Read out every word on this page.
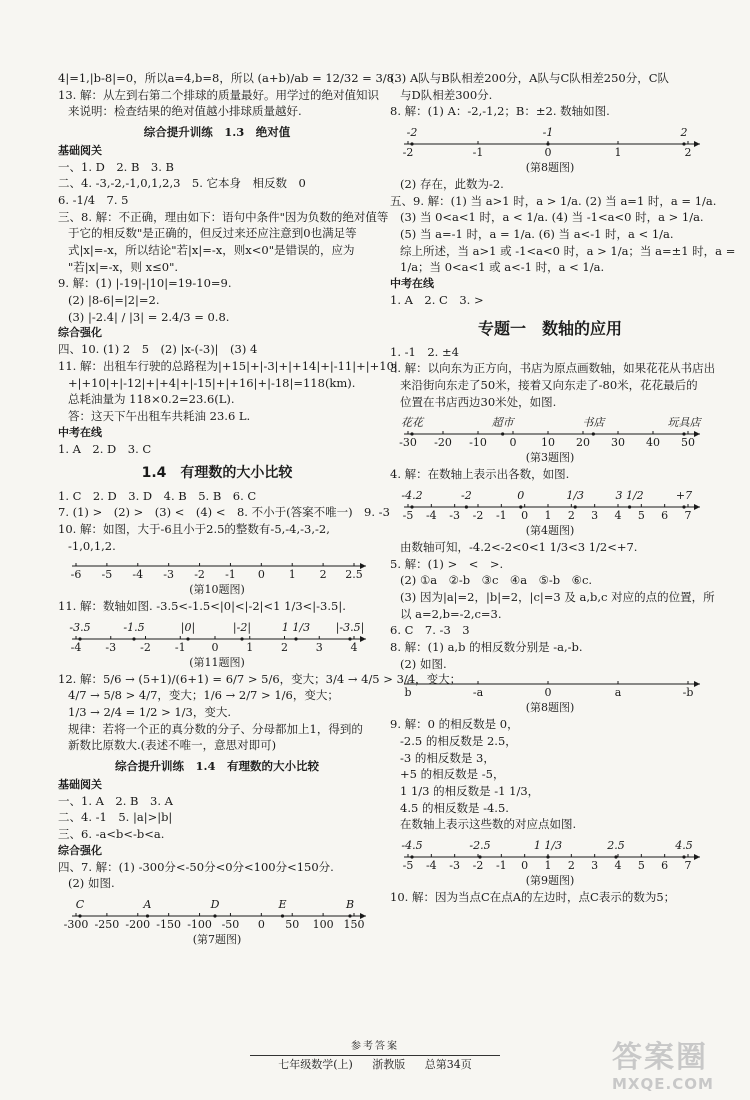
4|=1,|b-8|=0，所以a=4,b=8，所以 (a+b)/ab = 12/32 = 3/8.
13. 解：从左到右第二个排球的质量最好。用学过的绝对值知识
来说明：检查结果的绝对值越小排球质量越好.
综合提升训练　1.3　绝对值
基础阅关
一、1. D　2. B　3. B
二、4. -3,-2,-1,0,1,2,3　5. 它本身　相反数　0
6. -1/4　7. 5
三、8. 解：不正确，理由如下：语句中条件"因为负数的绝对值等
于它的相反数"是正确的，但反过来还应注意到0也满足等
式|x|=-x，所以结论"若|x|=-x，则x<0"是错误的，应为
"若|x|=-x，则 x≤0".
9. 解：(1) |-19|-|10|=19-10=9.
(2) |8-6|=|2|=2.
(3) |-2.4| / |3| = 2.4/3 = 0.8.
综合强化
四、10. (1) 2　5　(2) |x-(-3)|　(3) 4
11. 解：出租车行驶的总路程为|+15|+|-3|+|+14|+|-11|+|+10|
+|+10|+|-12|+|+4|+|-15|+|+16|+|-18|=118(km).
总耗油量为 118×0.2=23.6(L).
答：这天下午出租车共耗油 23.6 L.
中考在线
1. A　2. D　3. C
1.4　有理数的大小比较
1. C　2. D　3. D　4. B　5. B　6. C
7. (1) >　(2) >　(3) <　(4) <　8. 不小于(答案不唯一)　9. -3
10. 解：如图，大于-6且小于2.5的整数有-5,-4,-3,-2,
-1,0,1,2.
-6 -5 -4 -3 -2 -1 0 1 2 2.5
(第10题图)
11. 解：数轴如图. -3.5<-1.5<|0|<|-2|<1 1/3<|-3.5|.
-4 -3 -2 -1 0	1	2	3	4
-3.5	-1.5	|0|	|-2|	1 1/3 |-3.5|
(第11题图)
12. 解：5/6 → (5+1)/(6+1) = 6/7 > 5/6，变大；3/4 → 4/5 > 3/4，变大；
4/7 → 5/8 > 4/7，变大；1/6 → 2/7 > 1/6，变大；
1/3 → 2/4 = 1/2 > 1/3，变大.
规律：若将一个正的真分数的分子、分母都加上1，得到的
新数比原数大.(表述不唯一，意思对即可)
综合提升训练　1.4　有理数的大小比较
基础阅关
一、1. A　2. B　3. A
二、4. -1　5. |a|>|b|
三、6. -a<b<-b<a.
综合强化
四、7. 解：(1) -300分<-50分<0分<100分<150分.
(2) 如图.
-300 -250 -200 -150 -100 -50 0 50 100 150
C	A	D	E	B
(第7题图)
(3) A队与B队相差200分，A队与C队相差250分，C队
与D队相差300分.
8. 解：(1) A：-2,-1,2；B：±2. 数轴如图.
-2	-1	0	1	2
-2	-1	2
(第8题图)
(2) 存在，此数为-2.
五、9. 解：(1) 当 a>1 时，a > 1/a. (2) 当 a=1 时，a = 1/a.
(3) 当 0<a<1 时，a < 1/a. (4) 当 -1<a<0 时，a > 1/a.
(5) 当 a=-1 时，a = 1/a. (6) 当 a<-1 时，a < 1/a.
综上所述，当 a>1 或 -1<a<0 时，a > 1/a；当 a=±1 时，a =
1/a；当 0<a<1 或 a<-1 时，a < 1/a.
中考在线
1. A　2. C　3. >
专题一　数轴的应用
1. -1　2. ±4
3. 解：以向东为正方向，书店为原点画数轴，如果花花从书店出
来沿街向东走了50米，接着又向东走了-80米，花花最后的
位置在书店西边30米处，如图.
-30 -20 -10 0 10 20 30 40 50
花花	超市	书店	玩具店
(第3题图)
4. 解：在数轴上表示出各数，如图.
-5 -4 -3 -2 -1 0 1 2 3 4 5 6 7
-4.2	-2	0	1/3	3 1/2	+7
(第4题图)
由数轴可知，-4.2<-2<0<1 1/3<3 1/2<+7.
5. 解：(1) >　<　>.
(2) ①a　②-b　③c　④a　⑤-b　⑥c.
(3) 因为|a|=2，|b|=2，|c|=3 及 a,b,c 对应的点的位置，所
以 a=2,b=-2,c=3.
6. C　7. -3　3
8. 解：(1) a,b 的相反数分别是 -a,-b.
(2) 如图.
b	-a	0	a	-b
(第8题图)
9. 解：0 的相反数是 0，
-2.5 的相反数是 2.5，
-3 的相反数是 3，
+5 的相反数是 -5，
1 1/3 的相反数是 -1 1/3，
4.5 的相反数是 -4.5.
在数轴上表示这些数的对应点如图.
-5 -4 -3 -2 -1 0 1 2 3 4 5 6 7
-4.5	-2.5	1 1/3	2.5	4.5
(第9题图)
10. 解：因为当点C在点A的左边时，点C表示的数为5；
参考答案
七年级数学(上) 浙教版 总第34页	答案圈
MXQE.COM
